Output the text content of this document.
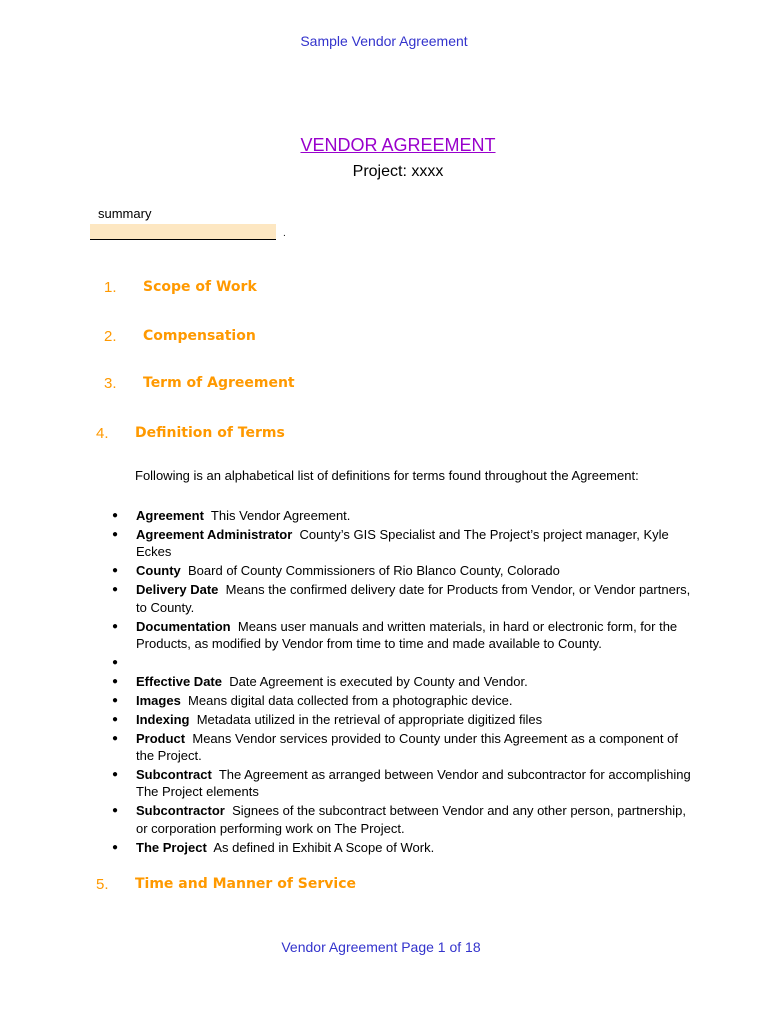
Sample Vendor Agreement
VENDOR AGREEMENT
Project: xxxx
summary
.
1. Scope of Work
2. Compensation
3. Term of Agreement
4. Definition of Terms
Following is an alphabetical list of definitions for terms found throughout the Agreement:
● Agreement This Vendor Agreement.
● Agreement Administrator County’s GIS Specialist and The Project’s project manager, Kyle Eckes
● County Board of County Commissioners of Rio Blanco County, Colorado
● Delivery Date Means the confirmed delivery date for Products from Vendor, or Vendor partners, to County.
● Documentation Means user manuals and written materials, in hard or electronic form, for the Products, as modified by Vendor from time to time and made available to County.
●

● Effective Date Date Agreement is executed by County and Vendor.
● Images Means digital data collected from a photographic device.
● Indexing Metadata utilized in the retrieval of appropriate digitized files
● Product Means Vendor services provided to County under this Agreement as a component of the Project.
● Subcontract The Agreement as arranged between Vendor and subcontractor for accomplishing The Project elements
● Subcontractor Signees of the subcontract between Vendor and any other person, partnership, or corporation performing work on The Project.
● The Project As defined in Exhibit A Scope of Work.
5. Time and Manner of Service
Vendor Agreement Page 1 of 18
